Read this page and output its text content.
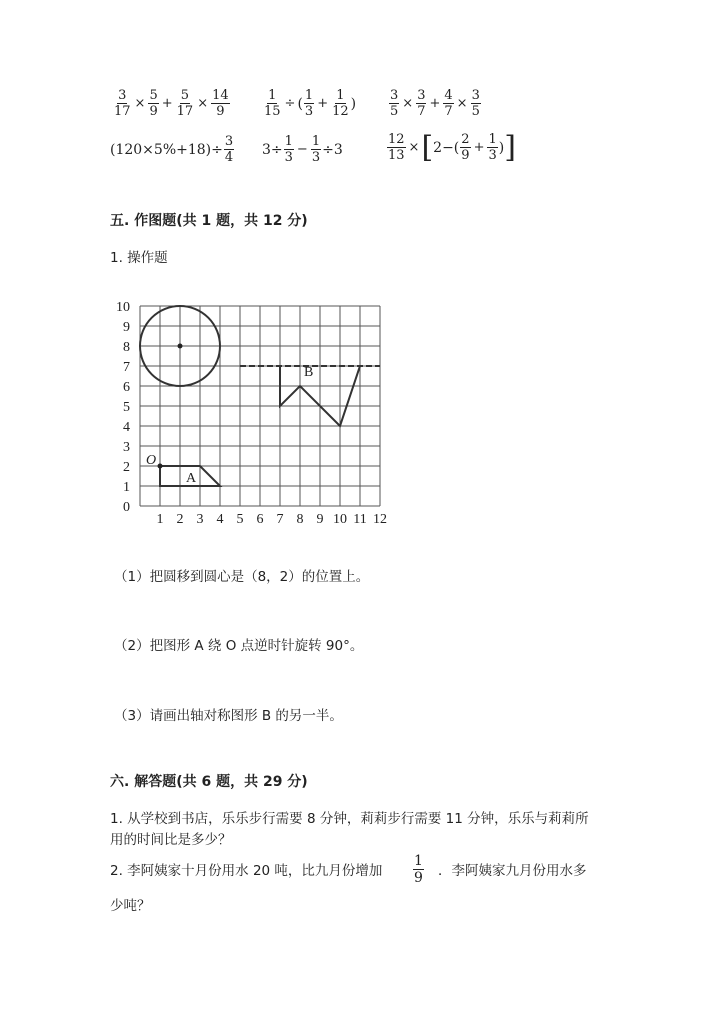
$\frac{3}{17} \times \frac{5}{9} + \frac{5}{17} \times \frac{14}{9}$	$\frac{1}{15}$ ÷ ( $\frac{1}{3} + \frac{1}{12}$ )	$\frac{3}{5} \times \frac{3}{7} + \frac{4}{7} \times \frac{3}{5}$
$(120\times 5\%+18)\div \frac{3}{4} 3\div \frac{1}{3} - \frac{1}{3} \div 3$	$\frac{12}{13}$ × [ $2-( \frac{2}{9} + \frac{1}{3}$ ) ]
五. 作图题(共 1 题，共 12 分)
1. 操作题
1 2 3 4 5 6 7 8 9 10 11 12
0
1
2
3
4
5
6
7
8
9
10
O
A
B
（1）把圆移到圆心是（8，2）的位置上。
（2）把图形 A 绕 O 点逆时针旋转 90°。
（3）请画出轴对称图形 B 的另一半。
六. 解答题(共 6 题，共 29 分)
1. 从学校到书店，乐乐步行需要 8 分钟，莉莉步行需要 11 分钟，乐乐与莉莉所
用的时间比是多少？
2. 李阿姨家十月份用水 20 吨，比九月份增加 $\frac{1}{9}$ ．李阿姨家九月份用水多
少吨？
